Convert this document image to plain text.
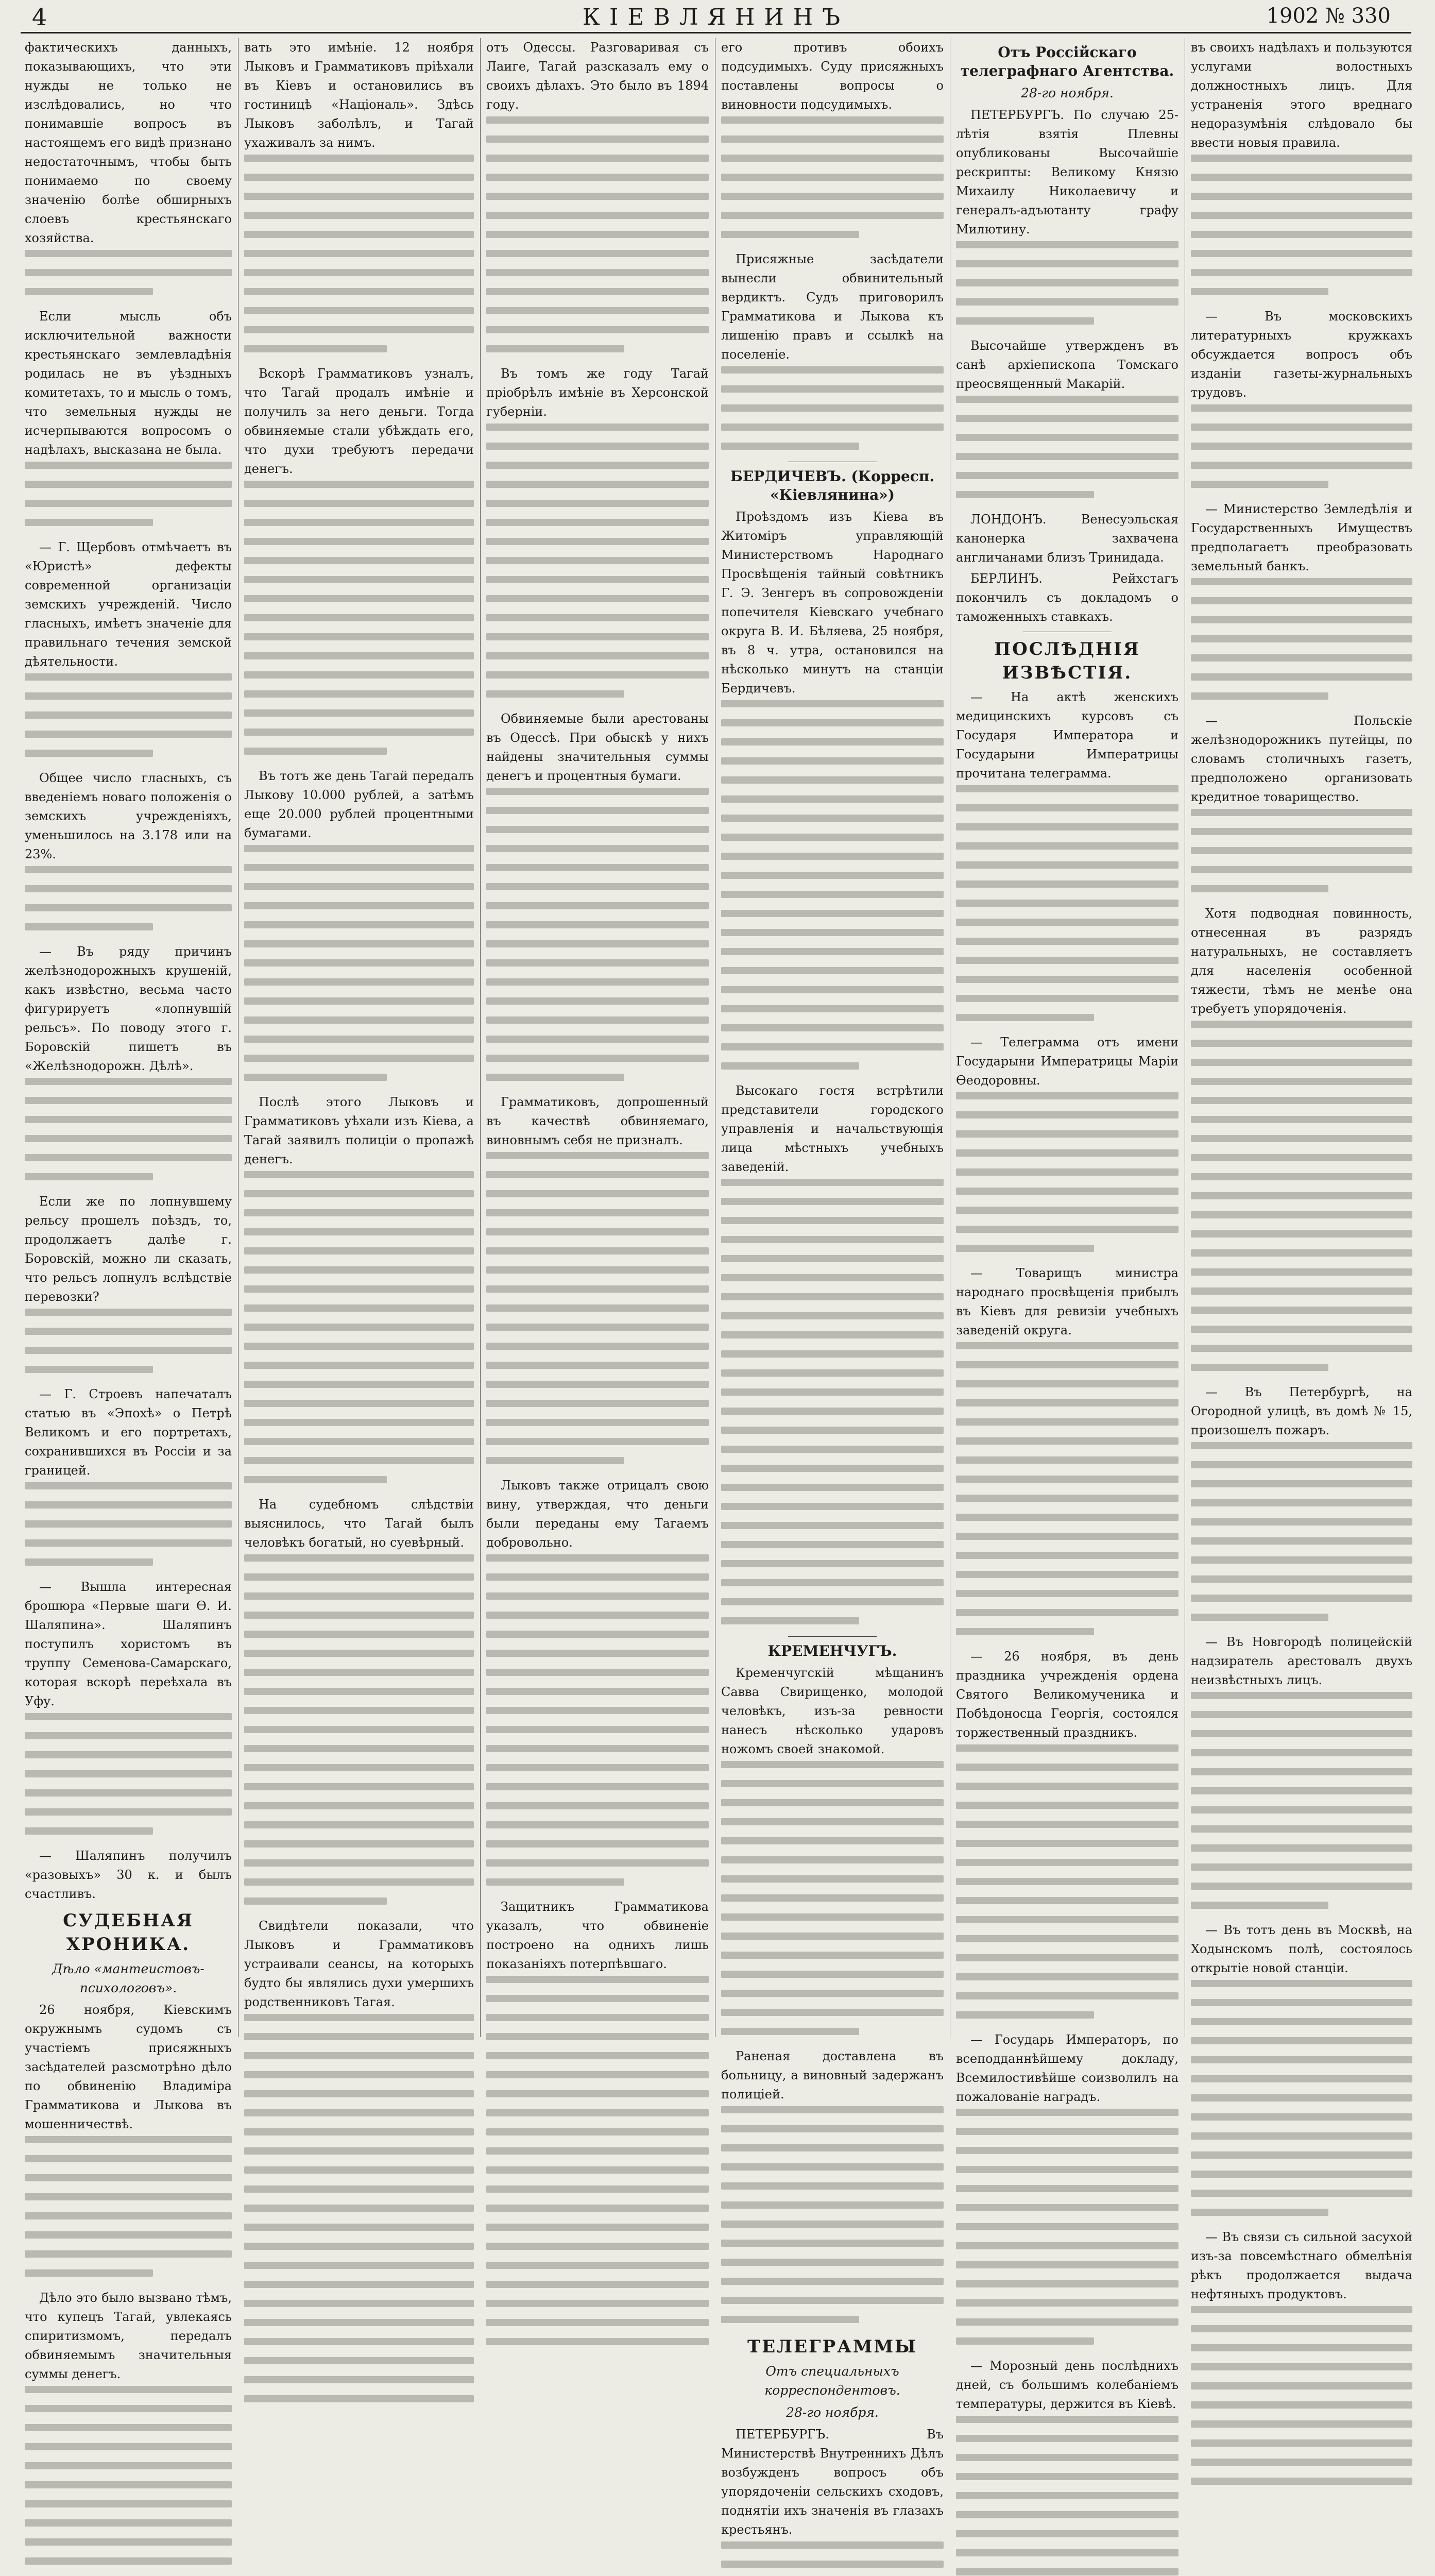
4	КІЕВЛЯНИНЪ	1902 № 330

фактическихъ данныхъ, показывающихъ, что эти нужды не только не изслѣдовались, но что понимавшіе вопросъ въ настоящемъ его видѣ признано недостаточнымъ, чтобы быть понимаемо по своему значенію болѣе обширныхъ слоевъ крестьянскаго хозяйства.

Если мысль объ исключительной важности крестьянскаго землевладѣнія родилась не въ уѣздныхъ комитетахъ, то и мысль о томъ, что земельныя нужды не исчерпываются вопросомъ о надѣлахъ, высказана не была.

— Г. Щербовъ отмѣчаетъ въ «Юристѣ» дефекты современной организаціи земскихъ учрежденій. Число гласныхъ, имѣетъ значеніе для правильнаго течения земской дѣятельности.

Общее число гласныхъ, съ введеніемъ новаго положенія о земскихъ учрежденіяхъ, уменьшилось на 3.178 или на 23%.

— Въ ряду причинъ желѣзнодорожныхъ крушеній, какъ извѣстно, весьма часто фигурируетъ «лопнувшій рельсъ». По поводу этого г. Боровскій пишетъ въ «Желѣзнодорожн. Дѣлѣ».

Если же по лопнувшему рельсу прошелъ поѣздъ, то, продолжаетъ далѣе г. Боровскій, можно ли сказать, что рельсъ лопнулъ вслѣдствіе перевозки?

— Г. Строевъ напечаталъ статью въ «Эпохѣ» о Петрѣ Великомъ и его портретахъ, сохранившихся въ Россіи и за границей.

— Вышла интересная брошюра «Первые шаги Ѳ. И. Шаляпина». Шаляпинъ поступилъ хористомъ въ труппу Семенова-Самарскаго, которая вскорѣ переѣхала въ Уфу.

— Шаляпинъ получилъ «разовыхъ» 30 к. и былъ счастливъ.

СУДЕБНАЯ ХРОНИКА.
Дѣло «мантеистовъ-психологовъ».

26 ноября, Кіевскимъ окружнымъ судомъ съ участіемъ присяжныхъ засѣдателей разсмотрѣно дѣло по обвиненію Владиміра Грамматикова и Лыкова въ мошенничествѣ.

Дѣло это было вызвано тѣмъ, что купецъ Тагай, увлекаясь спиритизмомъ, передалъ обвиняемымъ значительныя суммы денегъ.

вать это имѣніе. 12 ноября Лыковъ и Грамматиковъ пріѣхали въ Кіевъ и остановились въ гостиницѣ «Національ». Здѣсь Лыковъ заболѣлъ, и Тагай ухаживалъ за нимъ.

Вскорѣ Грамматиковъ узналъ, что Тагай продалъ имѣніе и получилъ за него деньги. Тогда обвиняемые стали убѣждать его, что духи требуютъ передачи денегъ.

Въ тотъ же день Тагай передалъ Лыкову 10.000 рублей, а затѣмъ еще 20.000 рублей процентными бумагами.

Послѣ этого Лыковъ и Грамматиковъ уѣхали изъ Кіева, а Тагай заявилъ полиціи о пропажѣ денегъ.

На судебномъ слѣдствіи выяснилось, что Тагай былъ человѣкъ богатый, но суевѣрный.

Свидѣтели показали, что Лыковъ и Грамматиковъ устраивали сеансы, на которыхъ будто бы являлись духи умершихъ родственниковъ Тагая.

отъ Одессы. Разговаривая съ Лаиге, Тагай разсказалъ ему о своихъ дѣлахъ. Это было въ 1894 году.

Въ томъ же году Тагай пріобрѣлъ имѣніе въ Херсонской губерніи.

Обвиняемые были арестованы въ Одессѣ. При обыскѣ у нихъ найдены значительныя суммы денегъ и процентныя бумаги.

Грамматиковъ, допрошенный въ качествѣ обвиняемаго, виновнымъ себя не призналъ.

Лыковъ также отрицалъ свою вину, утверждая, что деньги были переданы ему Тагаемъ добровольно.

Защитникъ Грамматикова указалъ, что обвиненіе построено на однихъ лишь показаніяхъ потерпѣвшаго.

его противъ обоихъ подсудимыхъ. Суду присяжныхъ поставлены вопросы о виновности подсудимыхъ.

Присяжные засѣдатели вынесли обвинительный вердиктъ. Судъ приговорилъ Грамматикова и Лыкова къ лишенію правъ и ссылкѣ на поселеніе.

БЕРДИЧЕВЪ. (Корресп. «Кіевлянина»)

Проѣздомъ изъ Кіева въ Житоміръ управляющій Министерствомъ Народнаго Просвѣщенія тайный совѣтникъ Г. Э. Зенгеръ въ сопровожденіи попечителя Кіевскаго учебнаго округа В. И. Бѣляева, 25 ноября, въ 8 ч. утра, остановился на нѣсколько минутъ на станціи Бердичевъ.

Высокаго гостя встрѣтили представители городского управленія и начальствующія лица мѣстныхъ учебныхъ заведеній.

КРЕМЕНЧУГЪ.

Кременчугскій мѣщанинъ Савва Свирищенко, молодой человѣкъ, изъ-за ревности нанесъ нѣсколько ударовъ ножомъ своей знакомой.

Раненая доставлена въ больницу, а виновный задержанъ полиціей.

ТЕЛЕГРАММЫ
Отъ специальныхъ корреспондентовъ.
28-го ноября.

ПЕТЕРБУРГЪ. Въ Министерствѣ Внутреннихъ Дѣлъ возбужденъ вопросъ объ упорядоченіи сельскихъ сходовъ, поднятіи ихъ значенія въ глазахъ крестьянъ.

Отъ Россійскаго телеграфнаго Агентства.
28-го ноября.

ПЕТЕРБУРГЪ. По случаю 25-лѣтія взятія Плевны опубликованы Высочайшіе рескрипты: Великому Князю Михаилу Николаевичу и генералъ-адъютанту графу Милютину.

Высочайше утвержденъ въ санѣ архіепископа Томскаго преосвященный Макарій.

ЛОНДОНЪ. Венесуэльская канонерка захвачена англичанами близъ Тринидада.

БЕРЛИНЪ. Рейхстагъ покончилъ съ докладомъ о таможенныхъ ставкахъ.

ПОСЛѢДНІЯ ИЗВѢСТІЯ.

— На актѣ женскихъ медицинскихъ курсовъ съ Государя Императора и Государыни Императрицы прочитана телеграмма.

— Телеграмма отъ имени Государыни Императрицы Маріи Ѳеодоровны.

— Товарищъ министра народнаго просвѣщенія прибылъ въ Кіевъ для ревизіи учебныхъ заведеній округа.

— 26 ноября, въ день праздника учрежденія ордена Святого Великомученика и Побѣдоносца Георгія, состоялся торжественный праздникъ.

— Государь Императоръ, по всеподданнѣйшему докладу, Всемилостивѣйше соизволилъ на пожалованіе наградъ.

— Морозный день послѣднихъ дней, съ большимъ колебаніемъ температуры, держится въ Кіевѣ.

въ своихъ надѣлахъ и пользуются услугами волостныхъ должностныхъ лицъ. Для устраненія этого вреднаго недоразумѣнія слѣдовало бы ввести новыя правила.

— Въ московскихъ литературныхъ кружкахъ обсуждается вопросъ объ изданіи газеты-журнальныхъ трудовъ.

— Министерство Земледѣлія и Государственныхъ Имуществъ предполагаетъ преобразовать земельный банкъ.

— Польскіе желѣзнодорожникъ путейцы, по словамъ столичныхъ газетъ, предположено организовать кредитное товарищество.

Хотя подводная повинность, отнесенная въ разрядъ натуральныхъ, не составляетъ для населенія особенной тяжести, тѣмъ не менѣе она требуетъ упорядоченія.

— Въ Петербургѣ, на Огородной улицѣ, въ домѣ № 15, произошелъ пожаръ.

— Въ Новгородѣ полицейскій надзиратель арестовалъ двухъ неизвѣстныхъ лицъ.

— Въ тотъ день въ Москвѣ, на Ходынскомъ полѣ, состоялось открытіе новой станціи.

— Въ связи съ сильной засухой изъ-за повсемѣстнаго обмелѣнія рѣкъ продолжается выдача нефтяныхъ продуктовъ.
